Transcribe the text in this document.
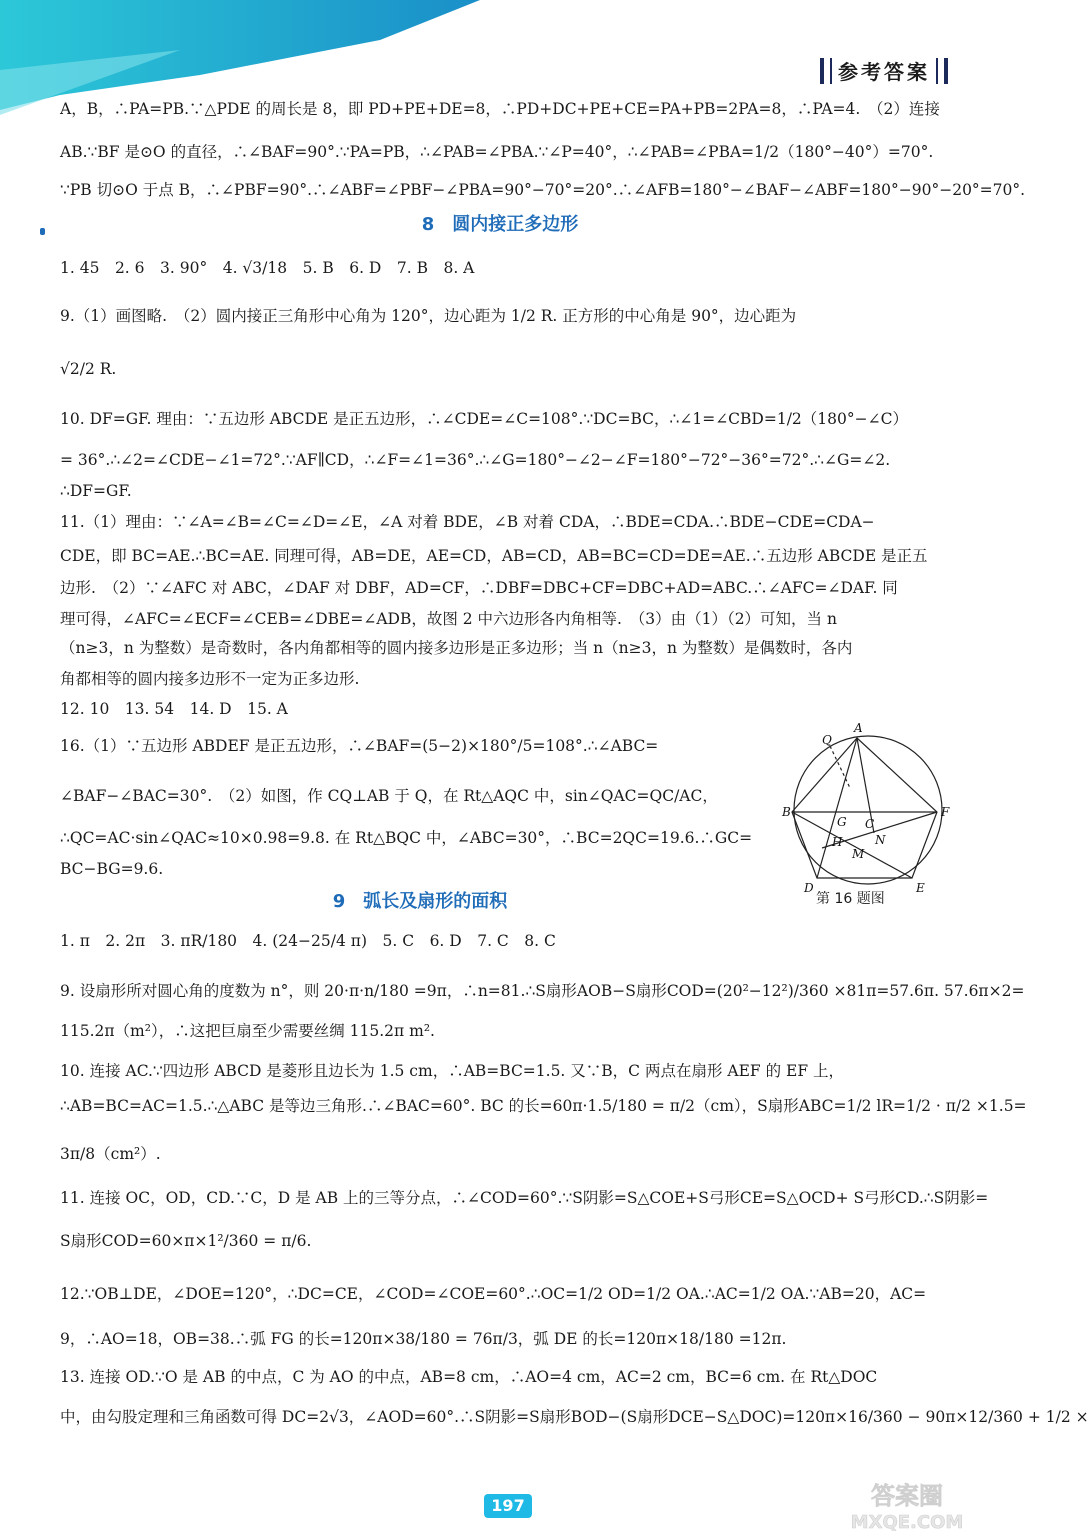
参考答案
A，B，∴PA=PB.∵△PDE 的周长是 8，即 PD+PE+DE=8，∴PD+DC+PE+CE=PA+PB=2PA=8，∴PA=4.　（2）连接
AB.∵BF 是⊙O 的直径，∴∠BAF=90°.∵PA=PB，∴∠PAB=∠PBA.∵∠P=40°，∴∠PAB=∠PBA=1/2（180°−40°）=70°.
∵PB 切⊙O 于点 B，∴∠PBF=90°.∴∠ABF=∠PBF−∠PBA=90°−70°=20°.∴∠AFB=180°−∠BAF−∠ABF=180°−90°−20°=70°.
8 圆内接正多边形
1. 45　2. 6　3. 90°　4. √3/18　5. B　6. D　7. B　8. A
9.（1）画图略.　（2）圆内接正三角形中心角为 120°，边心距为 1/2 R. 正方形的中心角是 90°，边心距为
√2/2 R.
10. DF=GF. 理由：∵五边形 ABCDE 是正五边形，∴∠CDE=∠C=108°.∵DC=BC，∴∠1=∠CBD=1/2（180°−∠C）
= 36°.∴∠2=∠CDE−∠1=72°.∵AF∥CD，∴∠F=∠1=36°.∴∠G=180°−∠2−∠F=180°−72°−36°=72°.∴∠G=∠2.
∴DF=GF.
11.（1）理由：∵∠A=∠B=∠C=∠D=∠E，∠A 对着 BDE，∠B 对着 CDA，∴BDE=CDA.∴BDE−CDE=CDA−
CDE，即 BC=AE.∴BC=AE. 同理可得，AB=DE，AE=CD，AB=CD，AB=BC=CD=DE=AE.∴五边形 ABCDE 是正五
边形.　（2）∵∠AFC 对 ABC，∠DAF 对 DBF，AD=CF，∴DBF=DBC+CF=DBC+AD=ABC.∴∠AFC=∠DAF. 同
理可得，∠AFC=∠ECF=∠CEB=∠DBE=∠ADB，故图 2 中六边形各内角相等.　（3）由（1）（2）可知，当 n
（n≥3，n 为整数）是奇数时，各内角都相等的圆内接多边形是正多边形；当 n（n≥3，n 为整数）是偶数时，各内
角都相等的圆内接多边形不一定为正多边形.
12. 10　13. 54　14. D　15. A
16.（1）∵五边形 ABDEF 是正五边形，∴∠BAF=(5−2)×180°/5=108°.∴∠ABC=
∠BAF−∠BAC=30°.　（2）如图，作 CQ⊥AB 于 Q，在 Rt△AQC 中，sin∠QAC=QC/AC，
∴QC=AC·sin∠QAC≈10×0.98=9.8. 在 Rt△BQC 中，∠ABC=30°，∴BC=2QC=19.6.∴GC=
BC−BG=9.6.
A
Q
B	F
G C
H	N
M
D	E
第 16 题图
9 弧长及扇形的面积
1. π　2. 2π　3. πR/180　4. (24−25/4 π)　5. C　6. D　7. C　8. C
9. 设扇形所对圆心角的度数为 n°，则 20·π·n/180 =9π，∴n=81.∴S扇形AOB−S扇形COD=(20²−12²)/360 ×81π=57.6π. 57.6π×2=
115.2π（m²），∴这把巨扇至少需要丝绸 115.2π m².
10. 连接 AC.∵四边形 ABCD 是菱形且边长为 1.5 cm，∴AB=BC=1.5. 又∵B，C 两点在扇形 AEF 的 EF 上，
∴AB=BC=AC=1.5.∴△ABC 是等边三角形.∴∠BAC=60°. BC 的长=60π·1.5/180 = π/2（cm），S扇形ABC=1/2 lR=1/2 · π/2 ×1.5=
3π/8（cm²）.
11. 连接 OC，OD，CD.∵C，D 是 AB 上的三等分点，∴∠COD=60°.∵S阴影=S△COE+S弓形CE=S△OCD+ S弓形CD.∴S阴影=
S扇形COD=60×π×1²/360 = π/6.
12.∵OB⊥DE，∠DOE=120°，∴DC=CE，∠COD=∠COE=60°.∴OC=1/2 OD=1/2 OA.∴AC=1/2 OA.∵AB=20，AC=
9，∴AO=18，OB=38.∴弧 FG 的长=120π×38/180 = 76π/3，弧 DE 的长=120π×18/180 =12π.
13. 连接 OD.∵O 是 AB 的中点，C 为 AO 的中点，AB=8 cm，∴AO=4 cm，AC=2 cm，BC=6 cm. 在 Rt△DOC
中，由勾股定理和三角函数可得 DC=2√3，∠AOD=60°.∴S阴影=S扇形BOD−(S扇形DCE−S△DOC)=120π×16/360 − 90π×12/360 + 1/2 ×
197	答案圈
MXQE.COM
